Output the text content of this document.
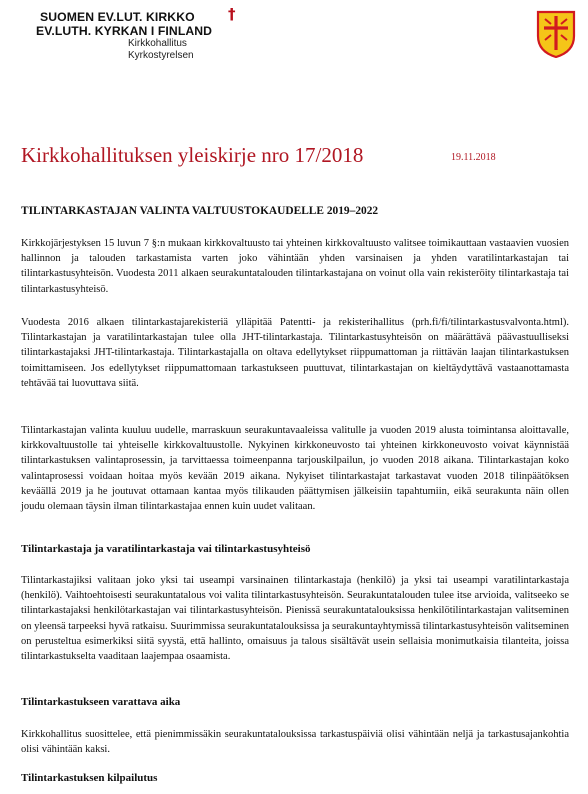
SUOMEN EV.LUT. KIRKKO	†
EV.LUTH. KYRKAN I FINLAND
Kirkkohallitus
Kyrkostyrelsen
Kirkkohallituksen yleiskirje nro 17/2018	19.11.2018
TILINTARKASTAJAN VALINTA VALTUUSTOKAUDELLE 2019–2022

Kirkkojärjestyksen 15 luvun 7 §:n mukaan kirkkovaltuusto tai yhteinen kirkkovaltuusto valitsee toimikauttaan vastaavien vuosien hallinnon ja talouden tarkastamista varten joko vähintään yhden varsinaisen ja yhden varatilintarkastajan tai tilintarkastusyhteisön. Vuodesta 2011 alkaen seurakuntatalouden tilintarkastajana on voinut olla vain rekisteröity tilintarkastaja tai tilintarkastusyhteisö.

Vuodesta 2016 alkaen tilintarkastajarekisteriä ylläpitää Patentti- ja rekisterihallitus (prh.fi/fi/tilintarkastusvalvonta.html). Tilintarkastajan ja varatilintarkastajan tulee olla JHT-tilintarkastaja. Tilintarkastusyhteisön on määrättävä päävastuulliseksi tilintarkastajaksi JHT-tilintarkastaja. Tilintarkastajalla on oltava edellytykset riippumattoman ja riittävän laajan tilintarkastuksen toimittamiseen. Jos edellytykset riippumattomaan tarkastukseen puuttuvat, tilintarkastajan on kieltäydyttävä vastaanottamasta tehtävää tai luovuttava siitä.

Tilintarkastajan valinta kuuluu uudelle, marraskuun seurakuntavaaleissa valitulle ja vuoden 2019 alusta toimintansa aloittavalle, kirkkovaltuustolle tai yhteiselle kirkkovaltuustolle. Nykyinen kirkkoneuvosto tai yhteinen kirkkoneuvosto voivat käynnistää tilintarkastuksen valintaprosessin, ja tarvittaessa toimeenpanna tarjouskilpailun, jo vuoden 2018 aikana. Tilintarkastajan koko valintaprosessi voidaan hoitaa myös kevään 2019 aikana. Nykyiset tilintarkastajat tarkastavat vuoden 2018 tilinpäätöksen keväällä 2019 ja he joutuvat ottamaan kantaa myös tilikauden päättymisen jälkeisiin tapahtumiin, eikä seurakunta näin ollen joudu olemaan täysin ilman tilintarkastajaa ennen kuin uudet valitaan.

Tilintarkastaja ja varatilintarkastaja vai tilintarkastusyhteisö

Tilintarkastajiksi valitaan joko yksi tai useampi varsinainen tilintarkastaja (henkilö) ja yksi tai useampi varatilintarkastaja (henkilö). Vaihtoehtoisesti seurakuntatalous voi valita tilintarkastusyhteisön. Seurakuntatalouden tulee itse arvioida, valitseeko se tilintarkastajaksi henkilötarkastajan vai tilintarkastusyhteisön. Pienissä seurakuntatalouksissa henkilötilintarkastajan valitseminen on yleensä tarpeeksi hyvä ratkaisu. Suurimmissa seurakuntatalouksissa ja seurakuntayhtymissä tilintarkastusyhteisön valitseminen on perusteltua esimerkiksi siitä syystä, että hallinto, omaisuus ja talous sisältävät usein sellaisia monimutkaisia tilanteita, joissa tilintarkastukselta vaaditaan laajempaa osaamista.

Tilintarkastukseen varattava aika

Kirkkohallitus suosittelee, että pienimmissäkin seurakuntatalouksissa tarkastuspäiviä olisi vähintään neljä ja tarkastusajankohtia olisi vähintään kaksi.

Tilintarkastuksen kilpailutus
